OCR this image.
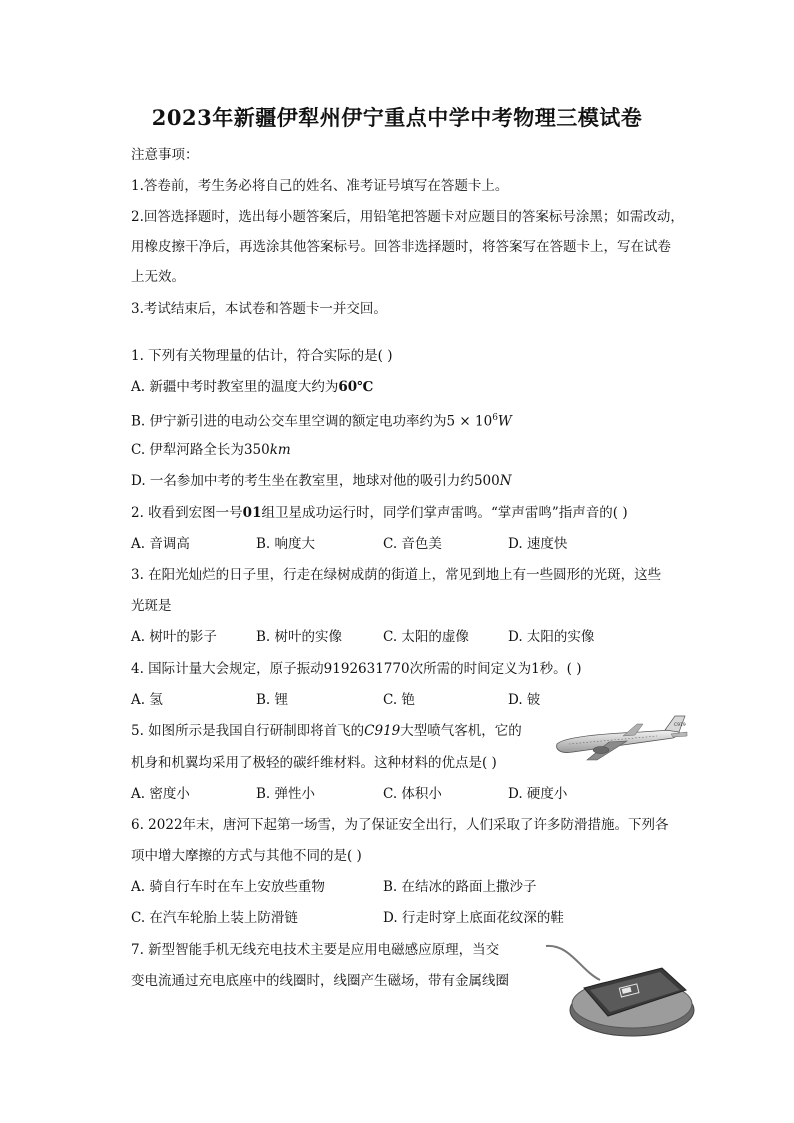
2023年新疆伊犁州伊宁重点中学中考物理三模试卷
注意事项：
1.答卷前，考生务必将自己的姓名、准考证号填写在答题卡上。
2.回答选择题时，选出每小题答案后，用铅笔把答题卡对应题目的答案标号涂黑；如需改动，
用橡皮擦干净后，再选涂其他答案标号。回答非选择题时，将答案写在答题卡上，写在试卷
上无效。
3.考试结束后，本试卷和答题卡一并交回。
1. 下列有关物理量的估计，符合实际的是( )
A. 新疆中考时教室里的温度大约为60℃
B. 伊宁新引进的电动公交车里空调的额定电功率约为$5 \times 10^6W$
C. 伊犁河路全长为350km
D. 一名参加中考的考生坐在教室里，地球对他的吸引力约500N
2. 收看到宏图一号01组卫星成功运行时，同学们掌声雷鸣。“掌声雷鸣”指声音的( )
A. 音调高	B. 响度大	C. 音色美	D. 速度快
3. 在阳光灿烂的日子里，行走在绿树成荫的街道上，常见到地上有一些圆形的光斑，这些
光斑是
A. 树叶的影子	B. 树叶的实像	C. 太阳的虚像	D. 太阳的实像
4. 国际计量大会规定，原子振动9192631770次所需的时间定义为1秒。( )
A. 氢	B. 锂	C. 铯	D. 铍
5. 如图所示是我国自行研制即将首飞的C919大型喷气客机，它的
机身和机翼均采用了极轻的碳纤维材料。这种材料的优点是( )
A. 密度小	B. 弹性小	C. 体积小	D. 硬度小
C919
6. 2022年末，唐河下起第一场雪，为了保证安全出行，人们采取了许多防滑措施。下列各
项中增大摩擦的方式与其他不同的是( )
A. 骑自行车时在车上安放些重物	B. 在结冰的路面上撒沙子
C. 在汽车轮胎上装上防滑链	D. 行走时穿上底面花纹深的鞋
7. 新型智能手机无线充电技术主要是应用电磁感应原理，当交
变电流通过充电底座中的线圈时，线圈产生磁场，带有金属线圈
